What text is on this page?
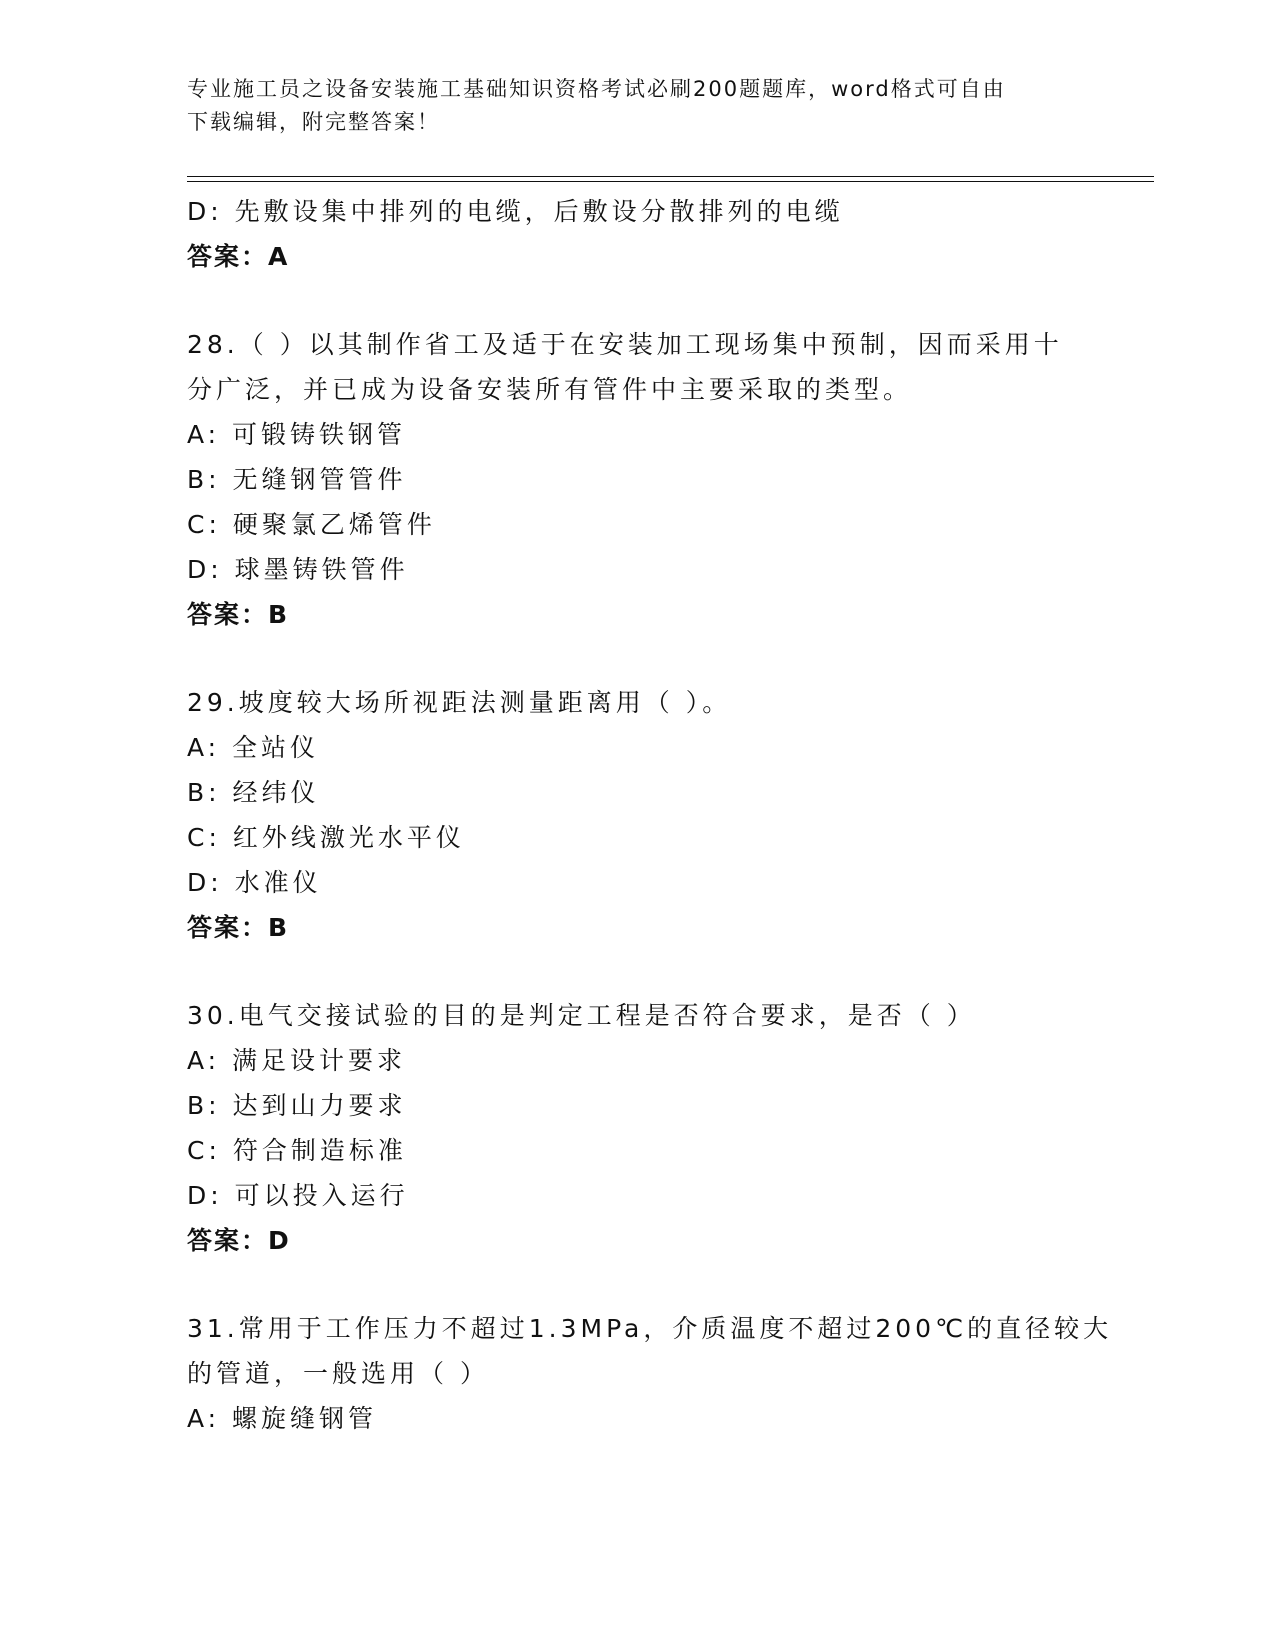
专业施工员之设备安装施工基础知识资格考试必刷200题题库，word格式可自由
下载编辑，附完整答案！
D: 先敷设集中排列的电缆，后敷设分散排列的电缆
答案：A
28.（ ）以其制作省工及适于在安装加工现场集中预制，因而采用十
分广泛，并已成为设备安装所有管件中主要采取的类型。
A: 可锻铸铁钢管
B: 无缝钢管管件
C: 硬聚氯乙烯管件
D: 球墨铸铁管件
答案：B
29.坡度较大场所视距法测量距离用（ ）。
A: 全站仪
B: 经纬仪
C: 红外线激光水平仪
D: 水准仪
答案：B
30.电气交接试验的目的是判定工程是否符合要求，是否（ ）
A: 满足设计要求
B: 达到山力要求
C: 符合制造标准
D: 可以投入运行
答案：D
31.常用于工作压力不超过1.3MPa，介质温度不超过200℃的直径较大
的管道，一般选用（ ）
A: 螺旋缝钢管
